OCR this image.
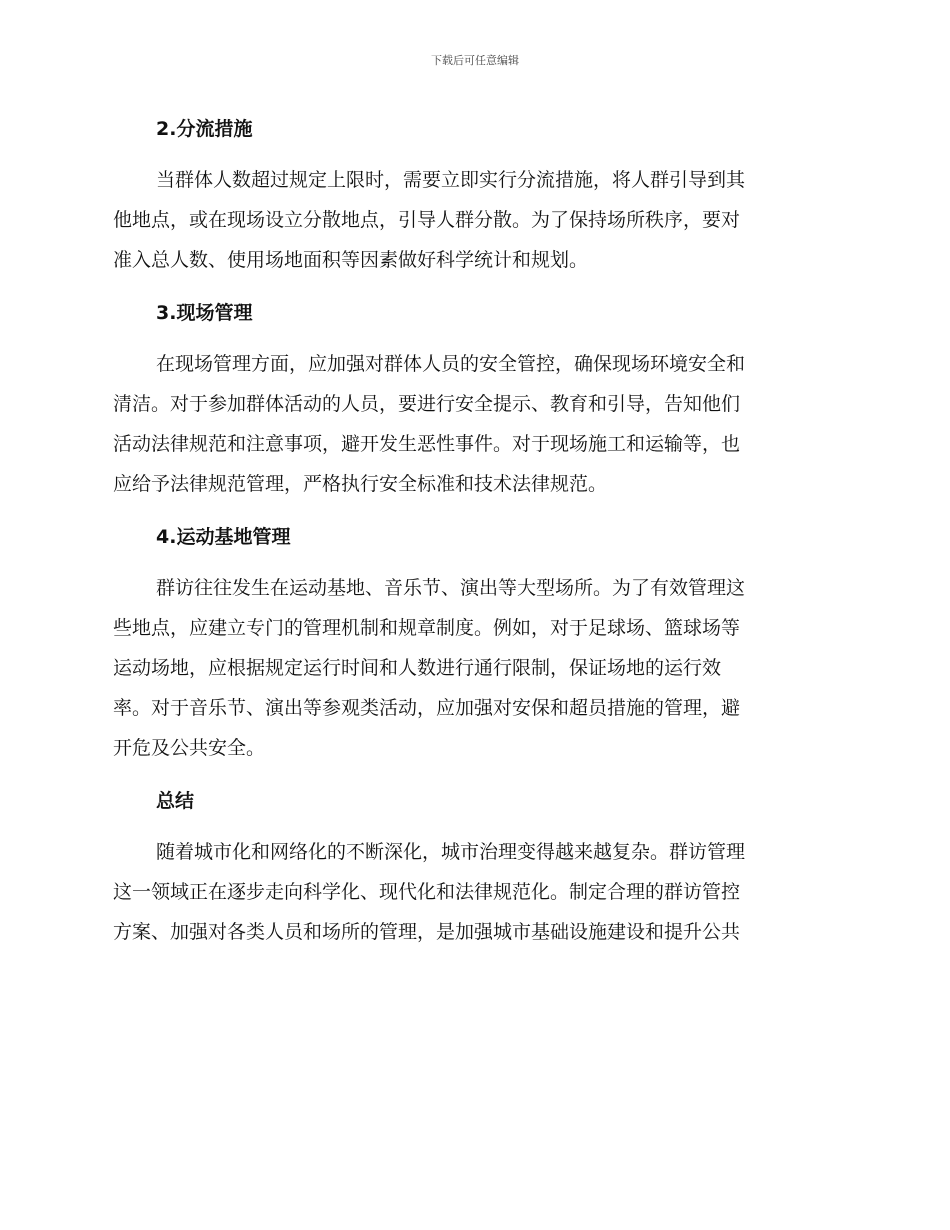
下载后可任意编辑
2.分流措施
当群体人数超过规定上限时，需要立即实行分流措施，将人群引导到其
他地点，或在现场设立分散地点，引导人群分散。为了保持场所秩序，要对
准入总人数、使用场地面积等因素做好科学统计和规划。
3.现场管理
在现场管理方面，应加强对群体人员的安全管控，确保现场环境安全和
清洁。对于参加群体活动的人员，要进行安全提示、教育和引导，告知他们
活动法律规范和注意事项，避开发生恶性事件。对于现场施工和运输等，也
应给予法律规范管理，严格执行安全标准和技术法律规范。
4.运动基地管理
群访往往发生在运动基地、音乐节、演出等大型场所。为了有效管理这
些地点，应建立专门的管理机制和规章制度。例如，对于足球场、篮球场等
运动场地，应根据规定运行时间和人数进行通行限制，保证场地的运行效
率。对于音乐节、演出等参观类活动，应加强对安保和超员措施的管理，避
开危及公共安全。
总结
随着城市化和网络化的不断深化，城市治理变得越来越复杂。群访管理
这一领域正在逐步走向科学化、现代化和法律规范化。制定合理的群访管控
方案、加强对各类人员和场所的管理，是加强城市基础设施建设和提升公共
